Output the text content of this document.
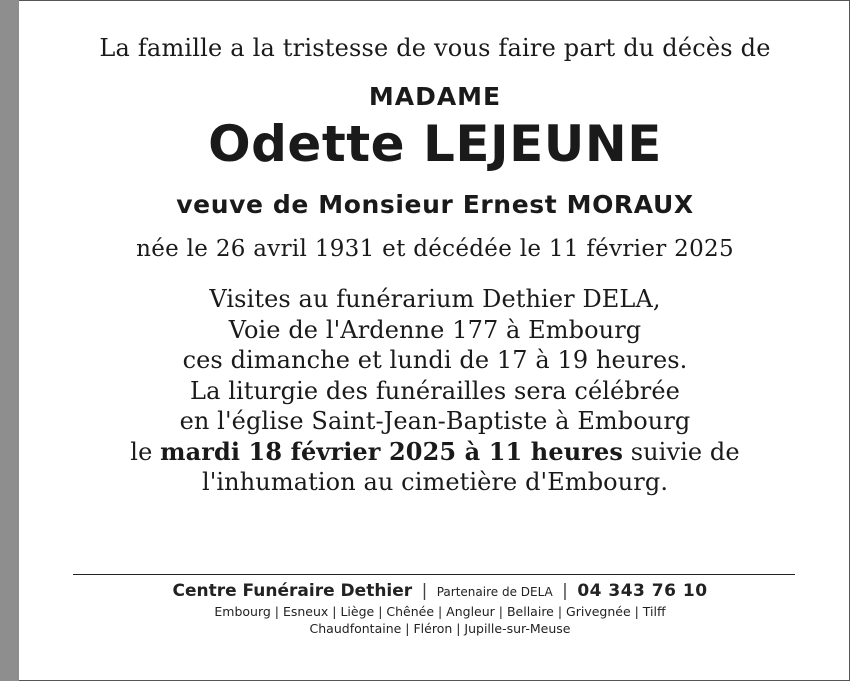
La famille a la tristesse de vous faire part du décès de
MADAME
Odette LEJEUNE
veuve de Monsieur Ernest MORAUX
née le 26 avril 1931 et décédée le 11 février 2025
Visites au funérarium Dethier DELA,
Voie de l'Ardenne 177 à Embourg
ces dimanche et lundi de 17 à 19 heures.
La liturgie des funérailles sera célébrée
en l'église Saint-Jean-Baptiste à Embourg
le mardi 18 février 2025 à 11 heures suivie de
l'inhumation au cimetière d'Embourg.
Centre Funéraire Dethier | Partenaire de DELA | 04 343 76 10
Embourg | Esneux | Liège | Chênée | Angleur | Bellaire | Grivegnée | Tilff
Chaudfontaine | Fléron | Jupille-sur-Meuse
